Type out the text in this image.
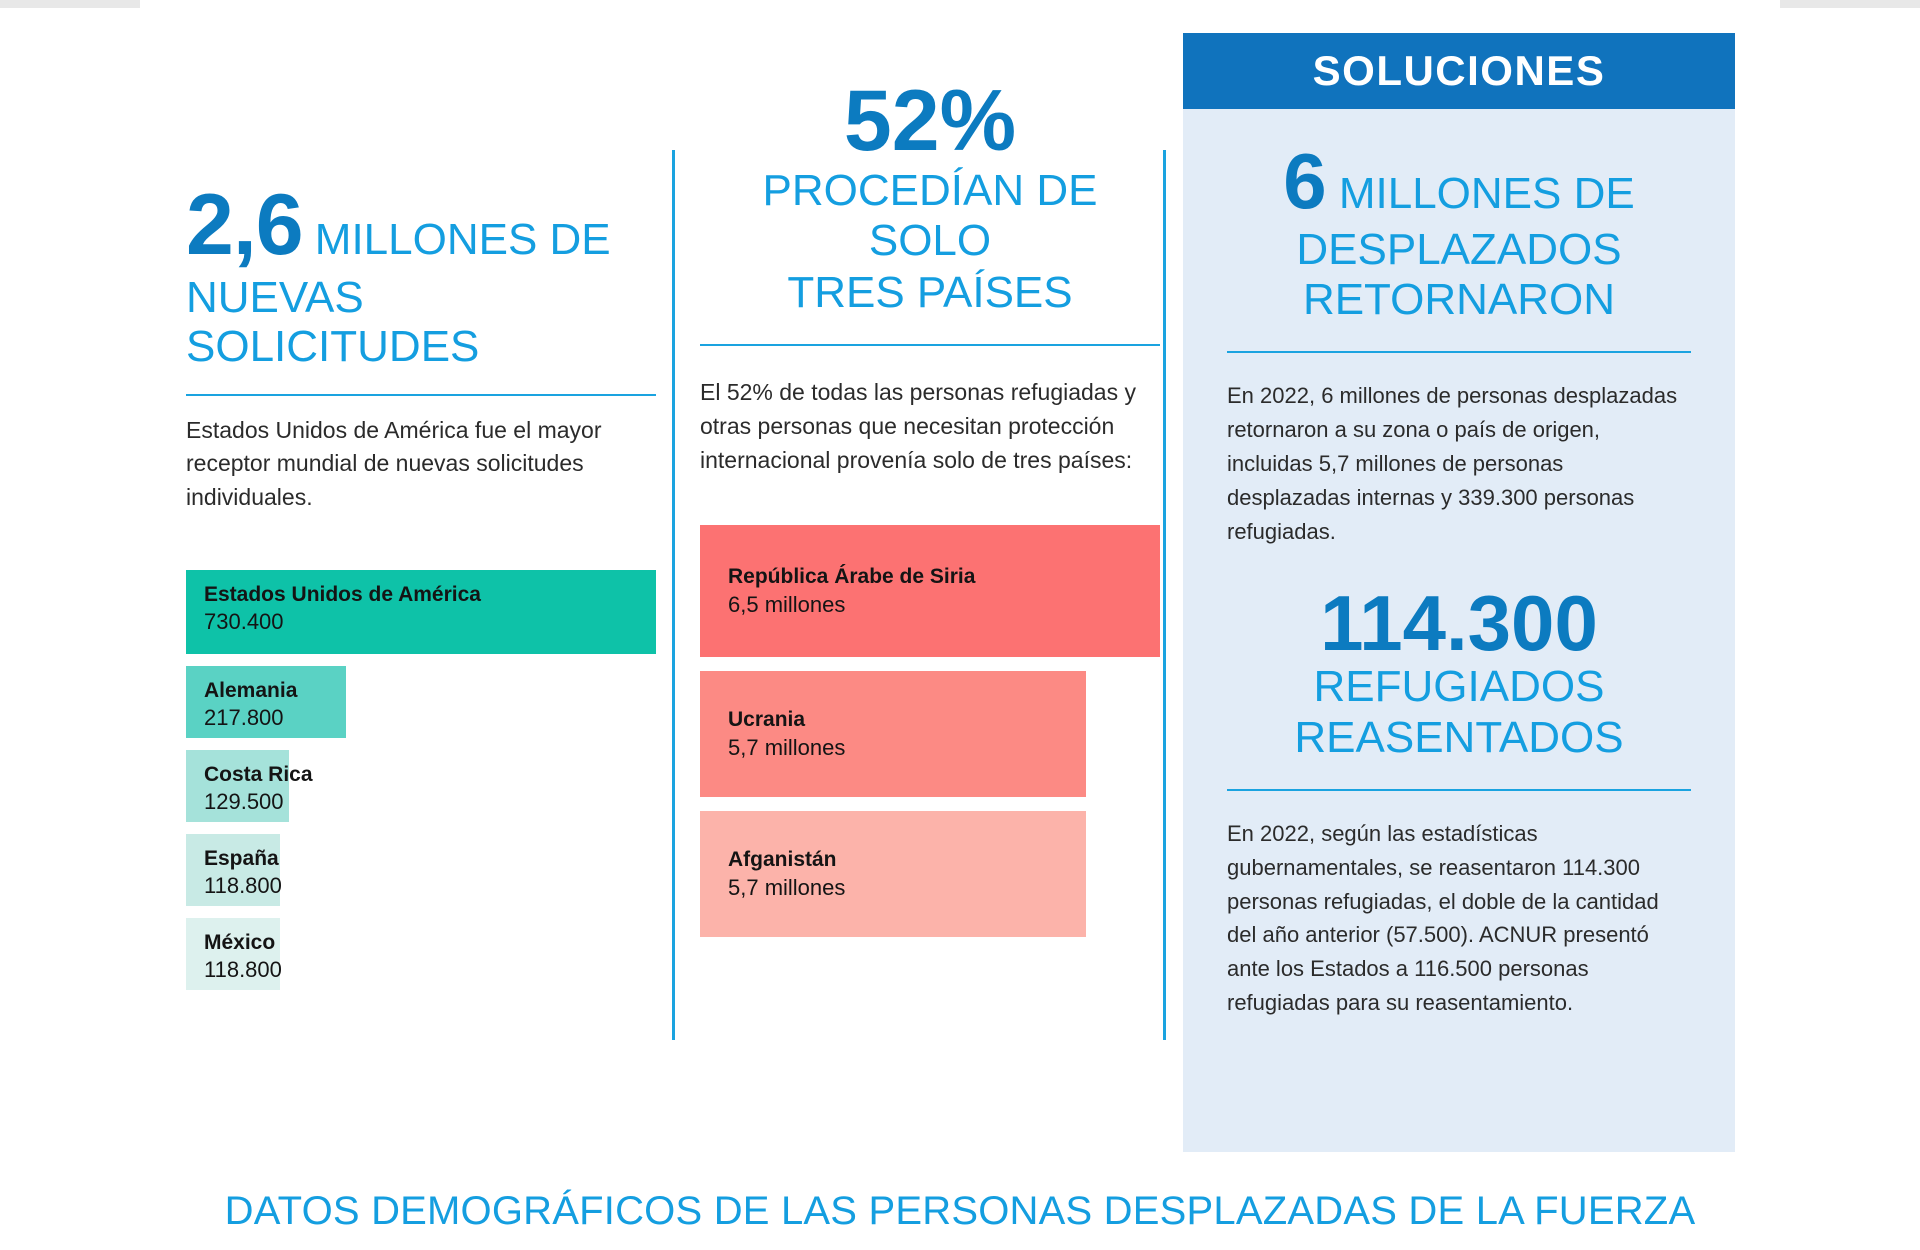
2,6 MILLONES DE
NUEVAS SOLICITUDES
Estados Unidos de América fue el mayor receptor mundial de nuevas solicitudes individuales.
Estados Unidos de América
730.400
Alemania
217.800
Costa Rica
129.500
España
118.800
México
118.800
52%
PROCEDÍAN DE SOLO
TRES PAÍSES
El 52% de todas las personas refugiadas y otras personas que necesitan protección internacional provenía solo de tres países:
República Árabe de Siria
6,5 millones
Ucrania
5,7 millones
Afganistán
5,7 millones
SOLUCIONES
6 MILLONES DE
DESPLAZADOS
RETORNARON
En 2022, 6 millones de personas desplazadas retornaron a su zona o país de origen, incluidas 5,7 millones de personas desplazadas internas y 339.300 personas refugiadas.
114.300
REFUGIADOS
REASENTADOS
En 2022, según las estadísticas gubernamentales, se reasentaron 114.300 personas refugiadas, el doble de la cantidad del año anterior (57.500). ACNUR presentó ante los Estados a 116.500 personas refugiadas para su reasentamiento.
DATOS DEMOGRÁFICOS DE LAS PERSONAS DESPLAZADAS DE LA FUERZA
